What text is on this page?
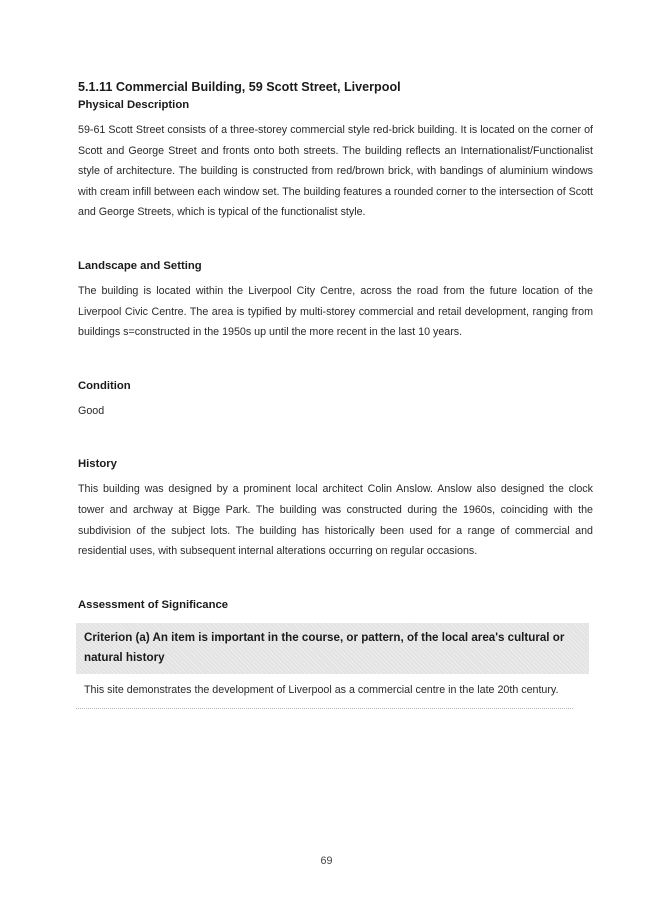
5.1.11 Commercial Building, 59 Scott Street, Liverpool
Physical Description

59-61 Scott Street consists of a three-storey commercial style red-brick building. It is located on the corner of Scott and George Street and fronts onto both streets. The building reflects an Internationalist/Functionalist style of architecture. The building is constructed from red/brown brick, with bandings of aluminium windows with cream infill between each window set. The building features a rounded corner to the intersection of Scott and George Streets, which is typical of the functionalist style.

Landscape and Setting

The building is located within the Liverpool City Centre, across the road from the future location of the Liverpool Civic Centre. The area is typified by multi-storey commercial and retail development, ranging from buildings s=constructed in the 1950s up until the more recent in the last 10 years.

Condition

Good

History

This building was designed by a prominent local architect Colin Anslow. Anslow also designed the clock tower and archway at Bigge Park. The building was constructed during the 1960s, coinciding with the subdivision of the subject lots. The building has historically been used for a range of commercial and residential uses, with subsequent internal alterations occurring on regular occasions.

Assessment of Significance
Criterion (a) An item is important in the course, or pattern, of the local area's cultural or natural history

This site demonstrates the development of Liverpool as a commercial centre in the late 20th century.

69
